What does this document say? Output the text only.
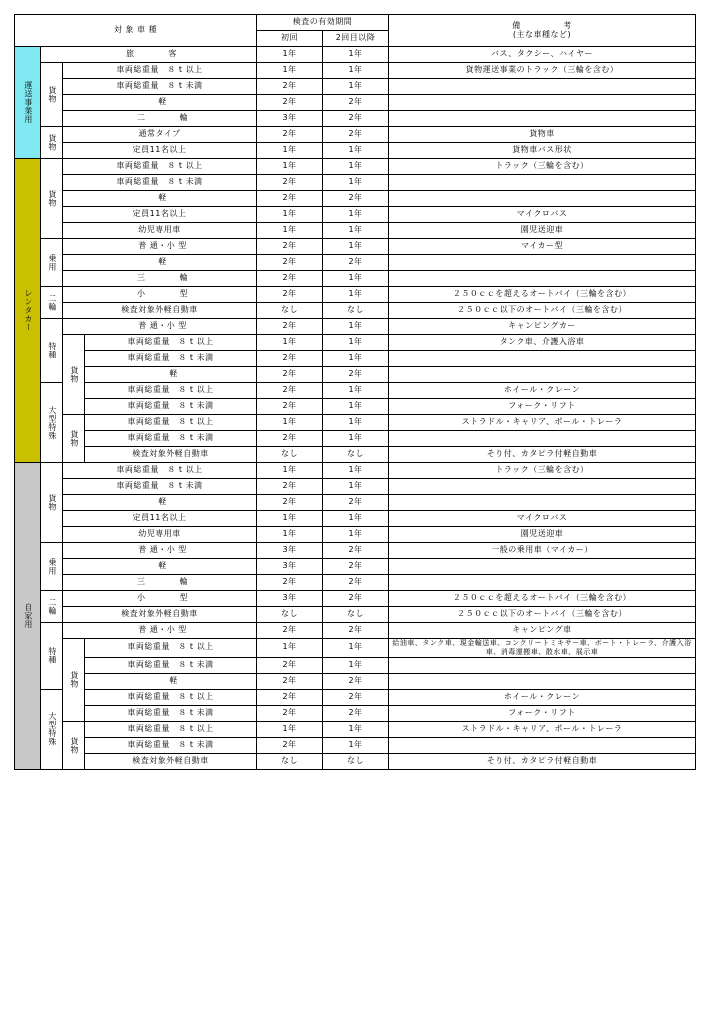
対 象 車 種				検査の有効期間		備　　　　　考
(主な車種など)

				初回	2回目以降	
運送事業用	旅　　　　客			1年	1年	バス、タクシー、ハイヤー
	貨物	車両総重量　８ t 以上		1年	1年	貨物運送事業のトラック（三輪を含む）
		車両総重量　８ t 未満		2年	1年	
		軽		2年	2年	
		二　　　　輪		3年	2年	
	貨物	通常タイプ		2年	2年	貨物車
		定員11名以上		1年	1年	貨物車バス形状
レンタカー	貨物	車両総重量　８ t 以上		1年	1年	トラック（三輪を含む）
		車両総重量　８ t 未満		2年	1年	
		軽		2年	2年	
		定員11名以上		1年	1年	マイクロバス
		幼児専用車		1年	1年	園児送迎車
	乗用	普 通・小 型		2年	1年	マイカー型
		軽		2年	2年	
		三　　　　輪		2年	1年	
	二輪	小　　　　型		2年	1年	２５０ｃｃを超えるオートバイ（三輪を含む）
		検査対象外軽自動車		なし	なし	２５０ｃｃ以下のオートバイ（三輪を含む）
	特種	普 通・小 型		2年	1年	キャンピングカー
		貨物	車両総重量　８ t 以上	1年	1年	タンク車、介護入浴車
			車両総重量　８ t 未満	2年	1年	
			軽	2年	2年	
	大型特殊		車両総重量　８ t 以上	2年	1年	ホイール・クレーン
			車両総重量　８ t 未満	2年	1年	フォーク・リフト
		貨物	車両総重量　８ t 以上	1年	1年	ストラドル・キャリア、ポール・トレーラ
			車両総重量　８ t 未満	2年	1年	
			検査対象外軽自動車	なし	なし	そり付、カタピラ付軽自動車
自家用	貨物	車両総重量　８ t 以上		1年	1年	トラック（三輪を含む）
		車両総重量　８ t 未満		2年	1年	
		軽		2年	2年	
		定員11名以上		1年	1年	マイクロバス
		幼児専用車		1年	1年	園児送迎車
	乗用	普 通・小 型		3年	2年	一般の乗用車（マイカー）
		軽		3年	2年	
		三　　　　輪		2年	2年	
	二輪	小　　　　型		3年	2年	２５０ｃｃを超えるオートバイ（三輪を含む）
		検査対象外軽自動車		なし	なし	２５０ｃｃ以下のオートバイ（三輪を含む）
	特種	普 通・小 型		2年	2年	キャンピング車
		貨物	車両総重量　８ t 以上	1年	1年	給油車、タンク車、現金輸送車、コンクリートミキサー車、ボート・トレーラ、介護入浴車、消毒運搬車、散水車、展示車
			車両総重量　８ t 未満	2年	1年	
			軽	2年	2年	
	大型特殊		車両総重量　８ t 以上	2年	2年	ホイール・クレーン
			車両総重量　８ t 未満	2年	2年	フォーク・リフト
		貨物	車両総重量　８ t 以上	1年	1年	ストラドル・キャリア、ポール・トレーラ
			車両総重量　８ t 未満	2年	1年	
			検査対象外軽自動車	なし	なし	そり付、カタピラ付軽自動車
